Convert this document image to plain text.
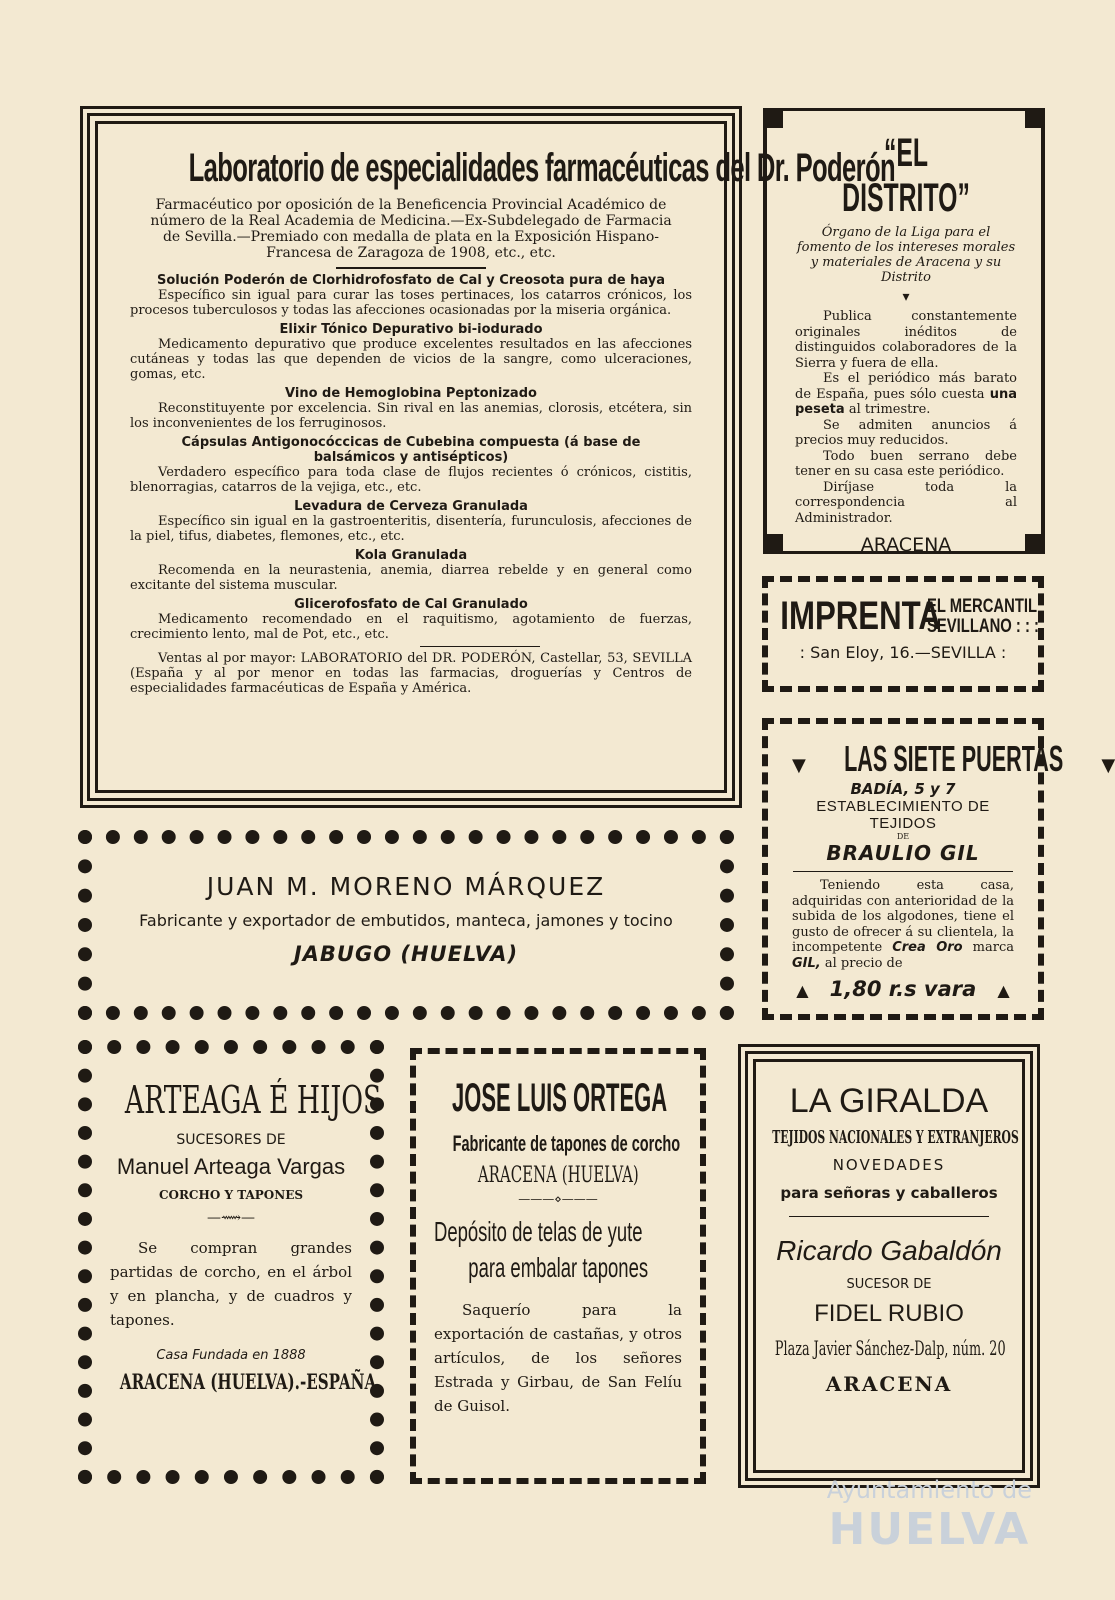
Laboratorio de especialidades farmacéuticas del Dr. Poderón

Farmacéutico por oposición de la Beneficencia Provincial Académico de número de la Real Academia de Medicina.—Ex-Subdelegado de Farmacia de Sevilla.—Premiado con medalla de plata en la Exposición Hispano-Francesa de Zaragoza de 1908, etc., etc.

Solución Poderón de Clorhidrofosfato de Cal y Creosota pura de haya

Específico sin igual para curar las toses pertinaces, los catarros crónicos, los procesos tuberculosos y todas las afecciones ocasionadas por la miseria orgánica.

Elixir Tónico Depurativo bi-iodurado

Medicamento depurativo que produce excelentes resultados en las afecciones cutáneas y todas las que dependen de vicios de la sangre, como ulceraciones, gomas, etc.

Vino de Hemoglobina Peptonizado

Reconstituyente por excelencia. Sin rival en las anemias, clorosis, etcétera, sin los inconvenientes de los ferruginosos.

Cápsulas Antigonocóccicas de Cubebina compuesta (á base de balsámicos y antisépticos)

Verdadero específico para toda clase de flujos recientes ó crónicos, cistitis, blenorragias, catarros de la vejiga, etc., etc.

Levadura de Cerveza Granulada

Específico sin igual en la gastroenteritis, disentería, furunculosis, afecciones de la piel, tifus, diabetes, flemones, etc., etc.

Kola Granulada

Recomenda en la neurastenia, anemia, diarrea rebelde y en general como excitante del sistema muscular.

Glicerofosfato de Cal Granulado

Medicamento recomendado en el raquitismo, agotamiento de fuerzas, crecimiento lento, mal de Pot, etc., etc.

Ventas al por mayor: LABORATORIO del DR. PODERÓN, Castellar, 53, SEVILLA (España y al por menor en todas las farmacias, droguerías y Centros de especialidades farmacéuticas de España y América.

“EL DISTRITO”

Órgano de la Liga para el fomento de los intereses morales y materiales de Aracena y su Distrito

▾

Publica constantemente originales inéditos de distinguidos colaboradores de la Sierra y fuera de ella.

Es el periódico más barato de España, pues sólo cuesta una peseta al trimestre.

Se admiten anuncios á precios muy reducidos.

Todo buen serrano debe tener en su casa este periódico.

Diríjase toda la correspondencia al Administrador.

ARACENA

IMPRENTA
EL MERCANTIL
SEVILLANO : : :

: San Eloy, 16.—SEVILLA :

▼ LAS SIETE PUERTAS ▼

BADÍA, 5 y 7

ESTABLECIMIENTO DE TEJIDOS

DE

BRAULIO GIL

Teniendo esta casa, adquiridas con anterioridad de la subida de los algodones, tiene el gusto de ofrecer á su clientela, la incompetente Crea Oro marca GIL, al precio de

▲ 1,80 r.s vara ▲

JUAN M. MORENO MÁRQUEZ

Fabricante y exportador de embutidos, manteca, jamones y tocino

JABUGO (HUELVA)

ARTEAGA É HIJOS

SUCESORES DE

Manuel Arteaga Vargas

CORCHO Y TAPONES

—⟿—

Se compran grandes partidas de corcho, en el árbol y en plancha, y de cuadros y tapones.

Casa Fundada en 1888

ARACENA (HUELVA).-ESPAÑA
JOSE LUIS ORTEGA
Fabricante de tapones de corcho
ARACENA (HUELVA)

———⋄———

Depósito de telas de yute
para embalar tapones

Saquerío para la exportación de castañas, y otros artículos, de los señores Estrada y Girbau, de San Felíu de Guisol.

LA GIRALDA

TEJIDOS NACIONALES Y EXTRANJEROS

NOVEDADES

para señoras y caballeros

Ricardo Gabaldón

SUCESOR DE

FIDEL RUBIO

Plaza Javier Sánchez-Dalp, núm. 20

ARACENA

Ayuntamiento de
HUELVA
